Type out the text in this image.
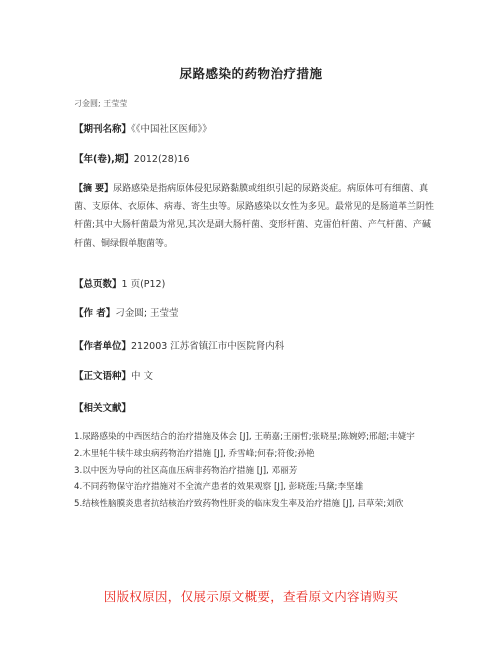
尿路感染的药物治疗措施
刁金圆; 王莹莹
【期刊名称】《《中国社区医师》》
【年(卷),期】2012(28)16
【摘 要】尿路感染是指病原体侵犯尿路黏膜或组织引起的尿路炎症。病原体可有细菌、真菌、支原体、衣原体、病毒、寄生虫等。尿路感染以女性为多见。最常见的是肠道革兰阴性杆菌;其中大肠杆菌最为常见,其次是副大肠杆菌、变形杆菌、克雷伯杆菌、产气杆菌、产碱杆菌、铜绿假单胞菌等。
【总页数】1 页(P12)
【作 者】刁金圆; 王莹莹
【作者单位】212003 江苏省镇江市中医院肾内科
【正文语种】中 文
【相关文献】
1.尿路感染的中西医结合的治疗措施及体会 [J], 王萌嘉;王丽哲;张晓星;陈婉婷;邢超;丰婕宇
2.木里牦牛犊牛球虫病药物治疗措施 [J], 乔雪峰;何春;符俊;孙艳
3.以中医为导向的社区高血压病非药物治疗措施 [J], 邓丽芳
4.不同药物保守治疗措施对不全流产患者的效果观察 [J], 彭晓莲;马黛;李坚雄
5.结核性脑膜炎患者抗结核治疗致药物性肝炎的临床发生率及治疗措施 [J], 吕草荣;刘欣
因版权原因，仅展示原文概要，查看原文内容请购买
